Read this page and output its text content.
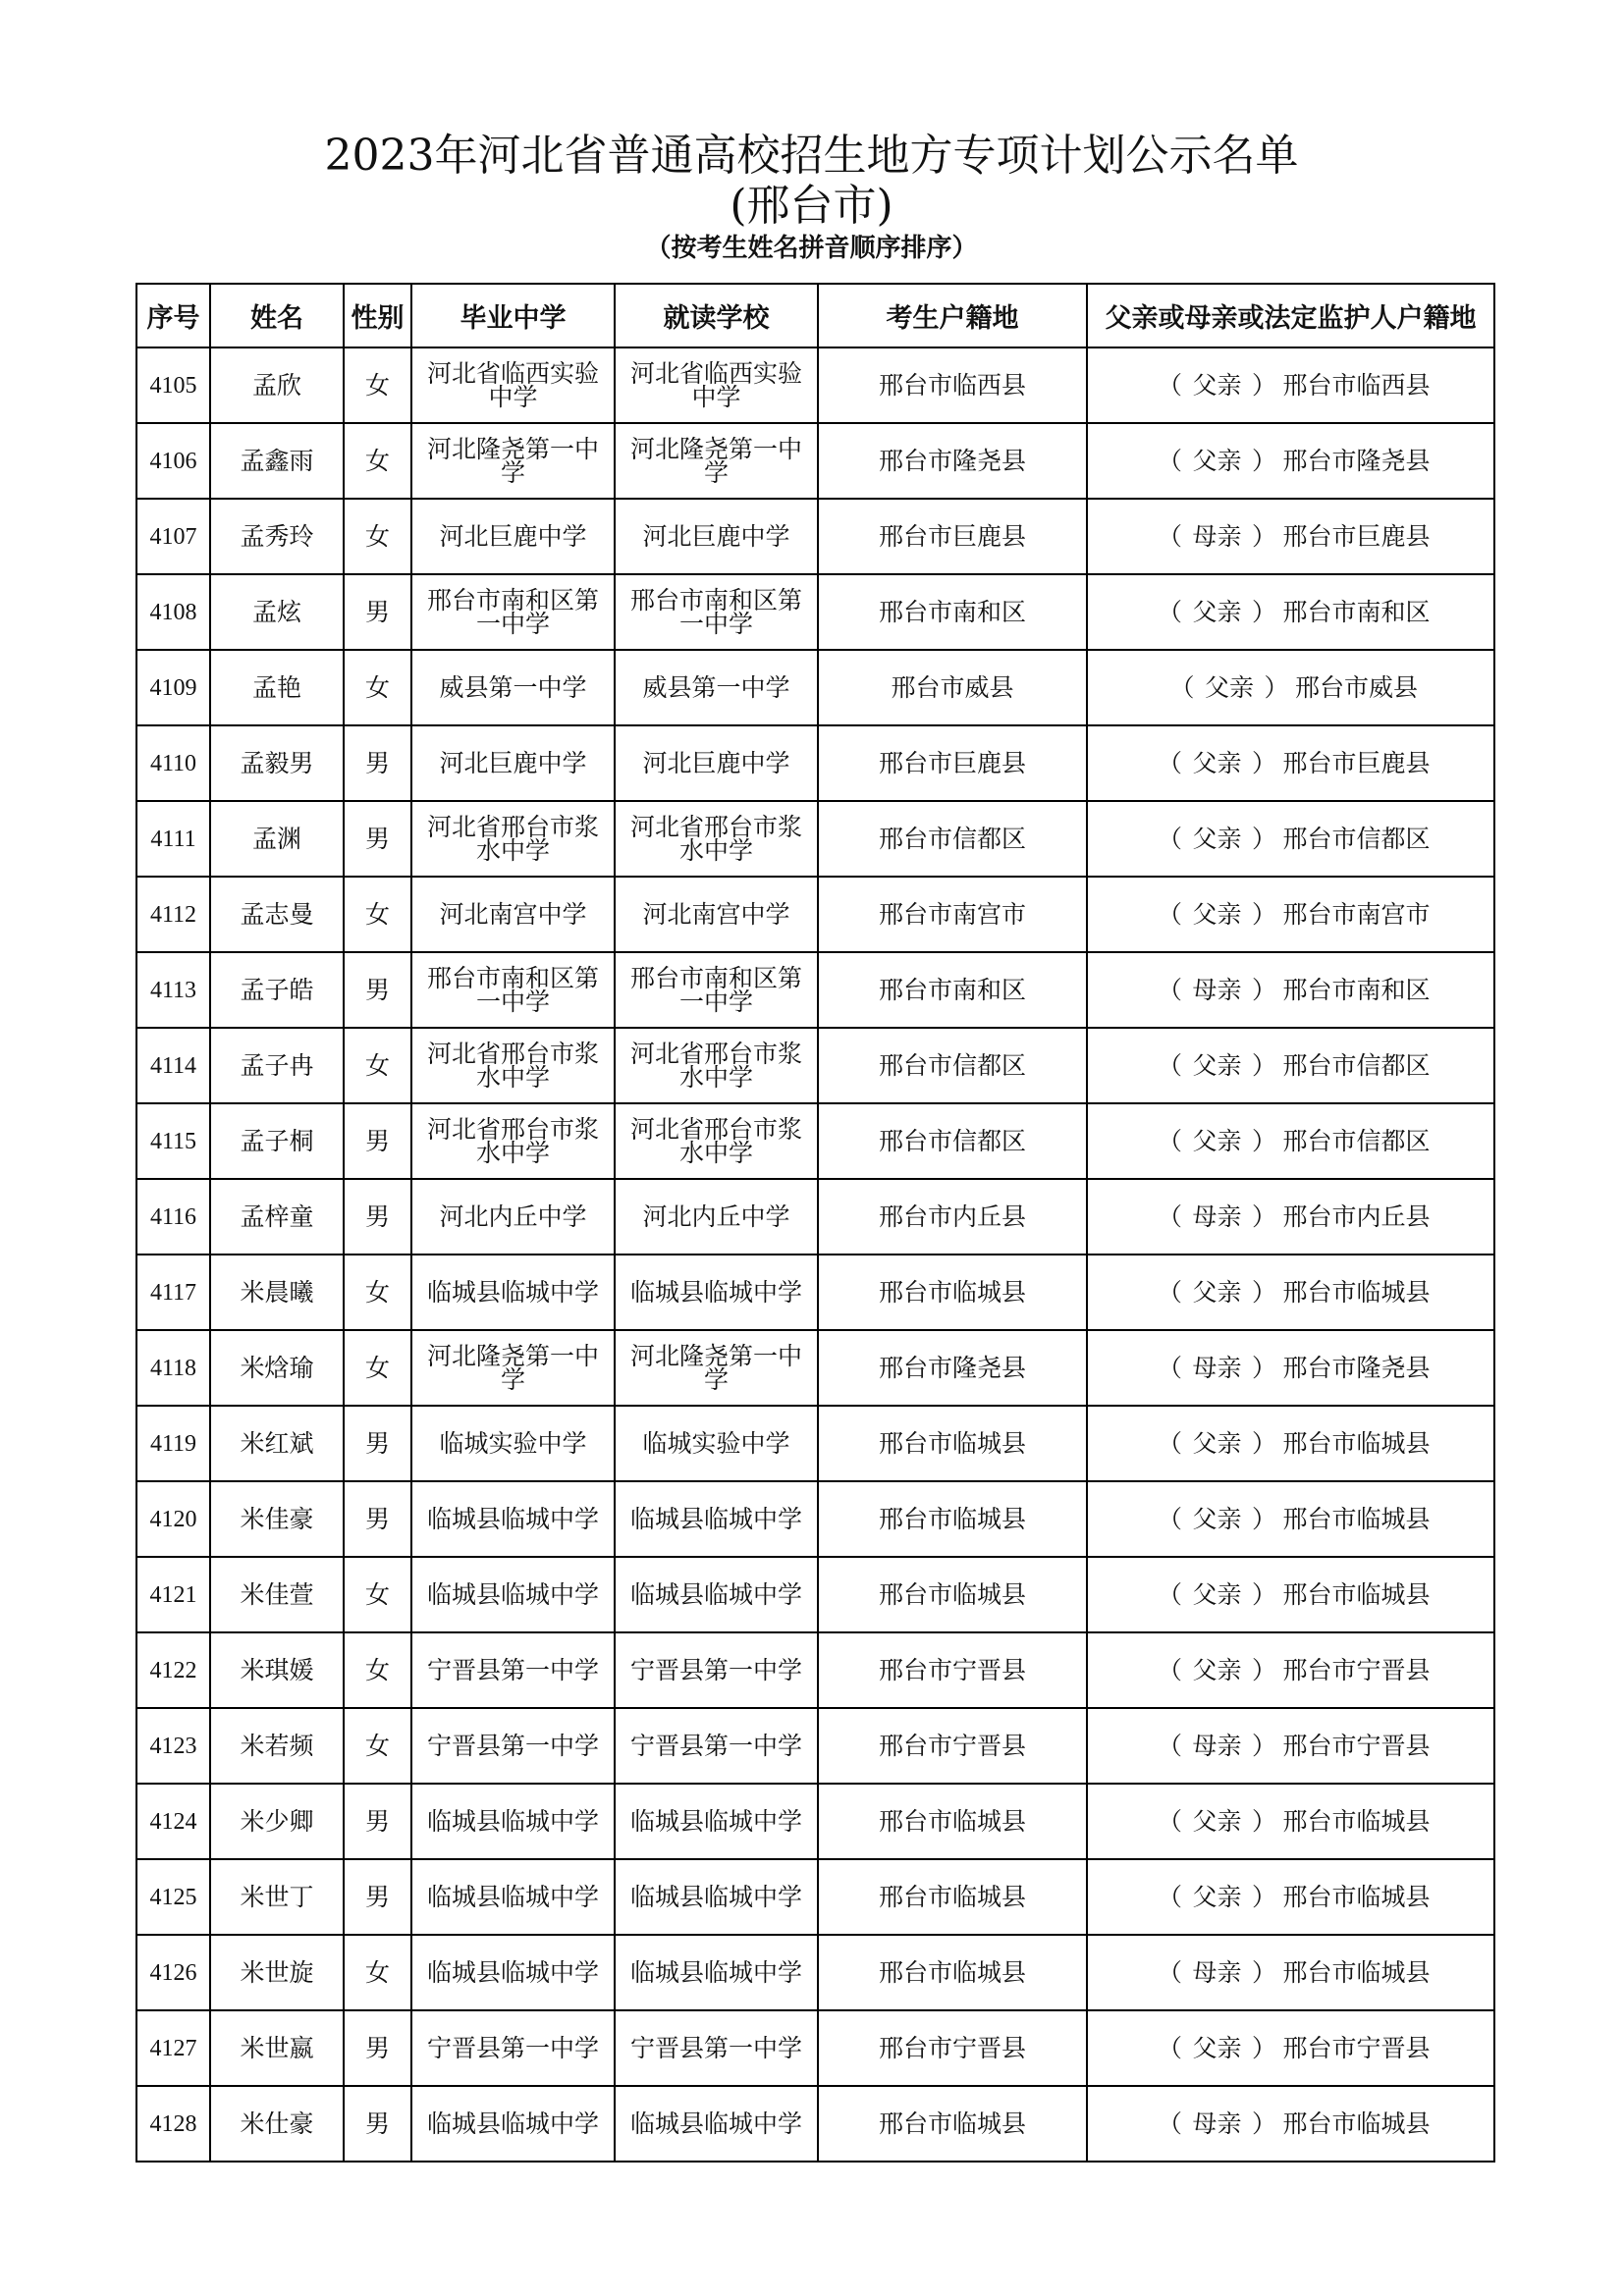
2023年河北省普通高校招生地方专项计划公示名单
(邢台市)
（按考生姓名拼音顺序排序）
序号	姓名	性别	毕业中学	就读学校	考生户籍地	父亲或母亲或法定监护人户籍地
4105	孟欣	女	河北省临西实验中学	河北省临西实验中学	邢台市临西县	（ 父亲 ） 邢台市临西县
4106	孟鑫雨	女	河北隆尧第一中学	河北隆尧第一中学	邢台市隆尧县	（ 父亲 ） 邢台市隆尧县
4107	孟秀玲	女	河北巨鹿中学	河北巨鹿中学	邢台市巨鹿县	（ 母亲 ） 邢台市巨鹿县
4108	孟炫	男	邢台市南和区第一中学	邢台市南和区第一中学	邢台市南和区	（ 父亲 ） 邢台市南和区
4109	孟艳	女	威县第一中学	威县第一中学	邢台市威县	（ 父亲 ） 邢台市威县
4110	孟毅男	男	河北巨鹿中学	河北巨鹿中学	邢台市巨鹿县	（ 父亲 ） 邢台市巨鹿县
4111	孟渊	男	河北省邢台市浆水中学	河北省邢台市浆水中学	邢台市信都区	（ 父亲 ） 邢台市信都区
4112	孟志曼	女	河北南宫中学	河北南宫中学	邢台市南宫市	（ 父亲 ） 邢台市南宫市
4113	孟子皓	男	邢台市南和区第一中学	邢台市南和区第一中学	邢台市南和区	（ 母亲 ） 邢台市南和区
4114	孟子冉	女	河北省邢台市浆水中学	河北省邢台市浆水中学	邢台市信都区	（ 父亲 ） 邢台市信都区
4115	孟子桐	男	河北省邢台市浆水中学	河北省邢台市浆水中学	邢台市信都区	（ 父亲 ） 邢台市信都区
4116	孟梓童	男	河北内丘中学	河北内丘中学	邢台市内丘县	（ 母亲 ） 邢台市内丘县
4117	米晨曦	女	临城县临城中学	临城县临城中学	邢台市临城县	（ 父亲 ） 邢台市临城县
4118	米焓瑜	女	河北隆尧第一中学	河北隆尧第一中学	邢台市隆尧县	（ 母亲 ） 邢台市隆尧县
4119	米红斌	男	临城实验中学	临城实验中学	邢台市临城县	（ 父亲 ） 邢台市临城县
4120	米佳豪	男	临城县临城中学	临城县临城中学	邢台市临城县	（ 父亲 ） 邢台市临城县
4121	米佳萱	女	临城县临城中学	临城县临城中学	邢台市临城县	（ 父亲 ） 邢台市临城县
4122	米琪媛	女	宁晋县第一中学	宁晋县第一中学	邢台市宁晋县	（ 父亲 ） 邢台市宁晋县
4123	米若频	女	宁晋县第一中学	宁晋县第一中学	邢台市宁晋县	（ 母亲 ） 邢台市宁晋县
4124	米少卿	男	临城县临城中学	临城县临城中学	邢台市临城县	（ 父亲 ） 邢台市临城县
4125	米世丁	男	临城县临城中学	临城县临城中学	邢台市临城县	（ 父亲 ） 邢台市临城县
4126	米世旋	女	临城县临城中学	临城县临城中学	邢台市临城县	（ 母亲 ） 邢台市临城县
4127	米世嬴	男	宁晋县第一中学	宁晋县第一中学	邢台市宁晋县	（ 父亲 ） 邢台市宁晋县
4128	米仕豪	男	临城县临城中学	临城县临城中学	邢台市临城县	（ 母亲 ） 邢台市临城县
